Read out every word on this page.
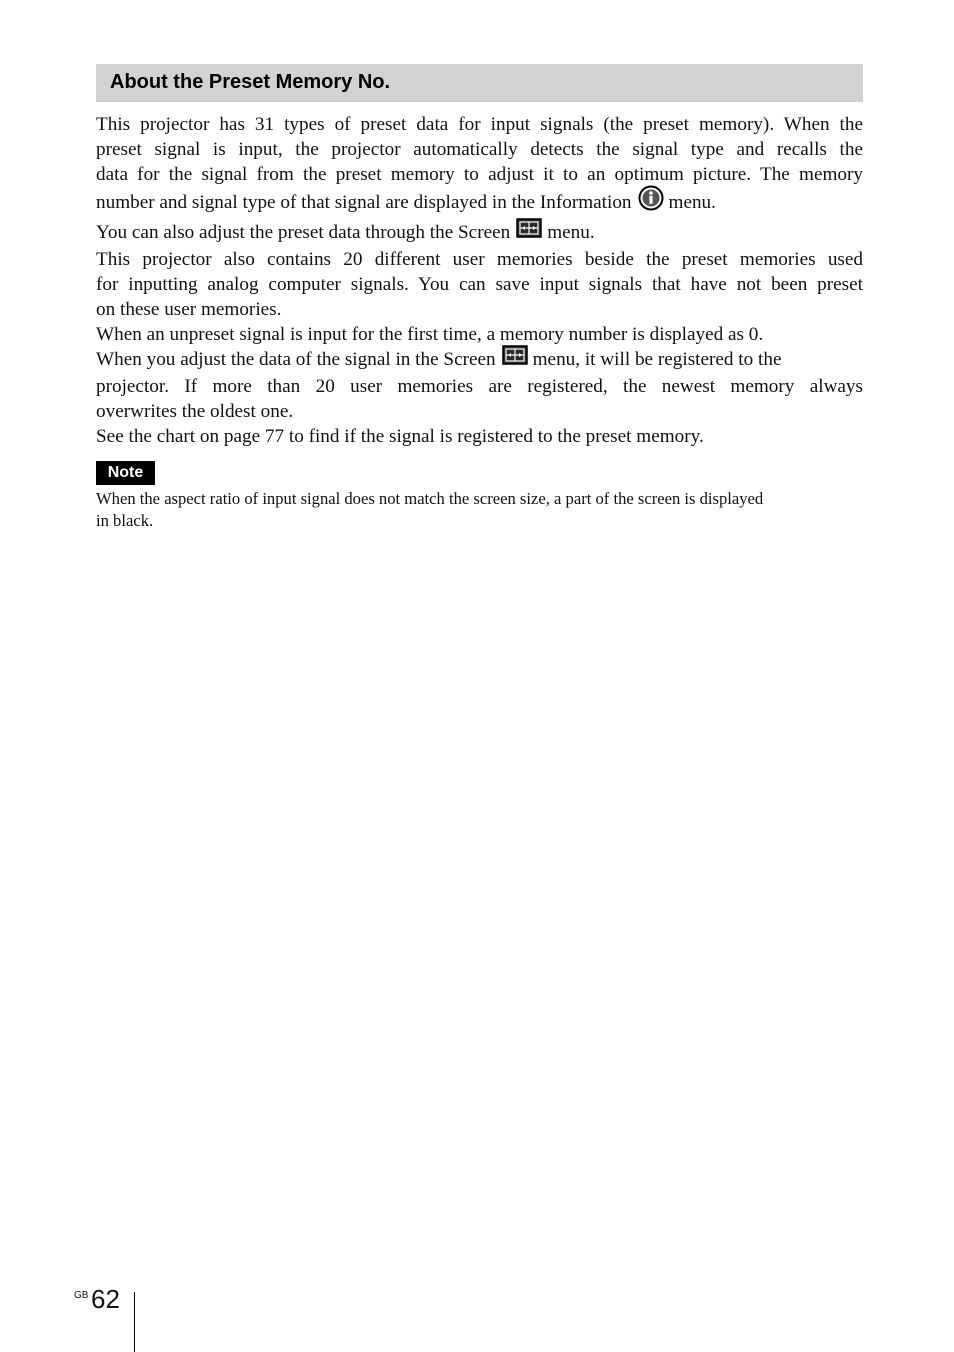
About the Preset Memory No.
This projector has 31 types of preset data for input signals (the preset memory). When the
preset signal is input, the projector automatically detects the signal type and recalls the
data for the signal from the preset memory to adjust it to an optimum picture. The memory
number and signal type of that signal are displayed in the Information menu.
You can also adjust the preset data through the Screen menu.
This projector also contains 20 different user memories beside the preset memories used
for inputting analog computer signals. You can save input signals that have not been preset
on these user memories.
When an unpreset signal is input for the first time, a memory number is displayed as 0.
When you adjust the data of the signal in the Screen menu, it will be registered to the
projector. If more than 20 user memories are registered, the newest memory always
overwrites the oldest one.
See the chart on page 77 to find if the signal is registered to the preset memory.
Note
When the aspect ratio of input signal does not match the screen size, a part of the screen is displayed
in black.
GB 62
